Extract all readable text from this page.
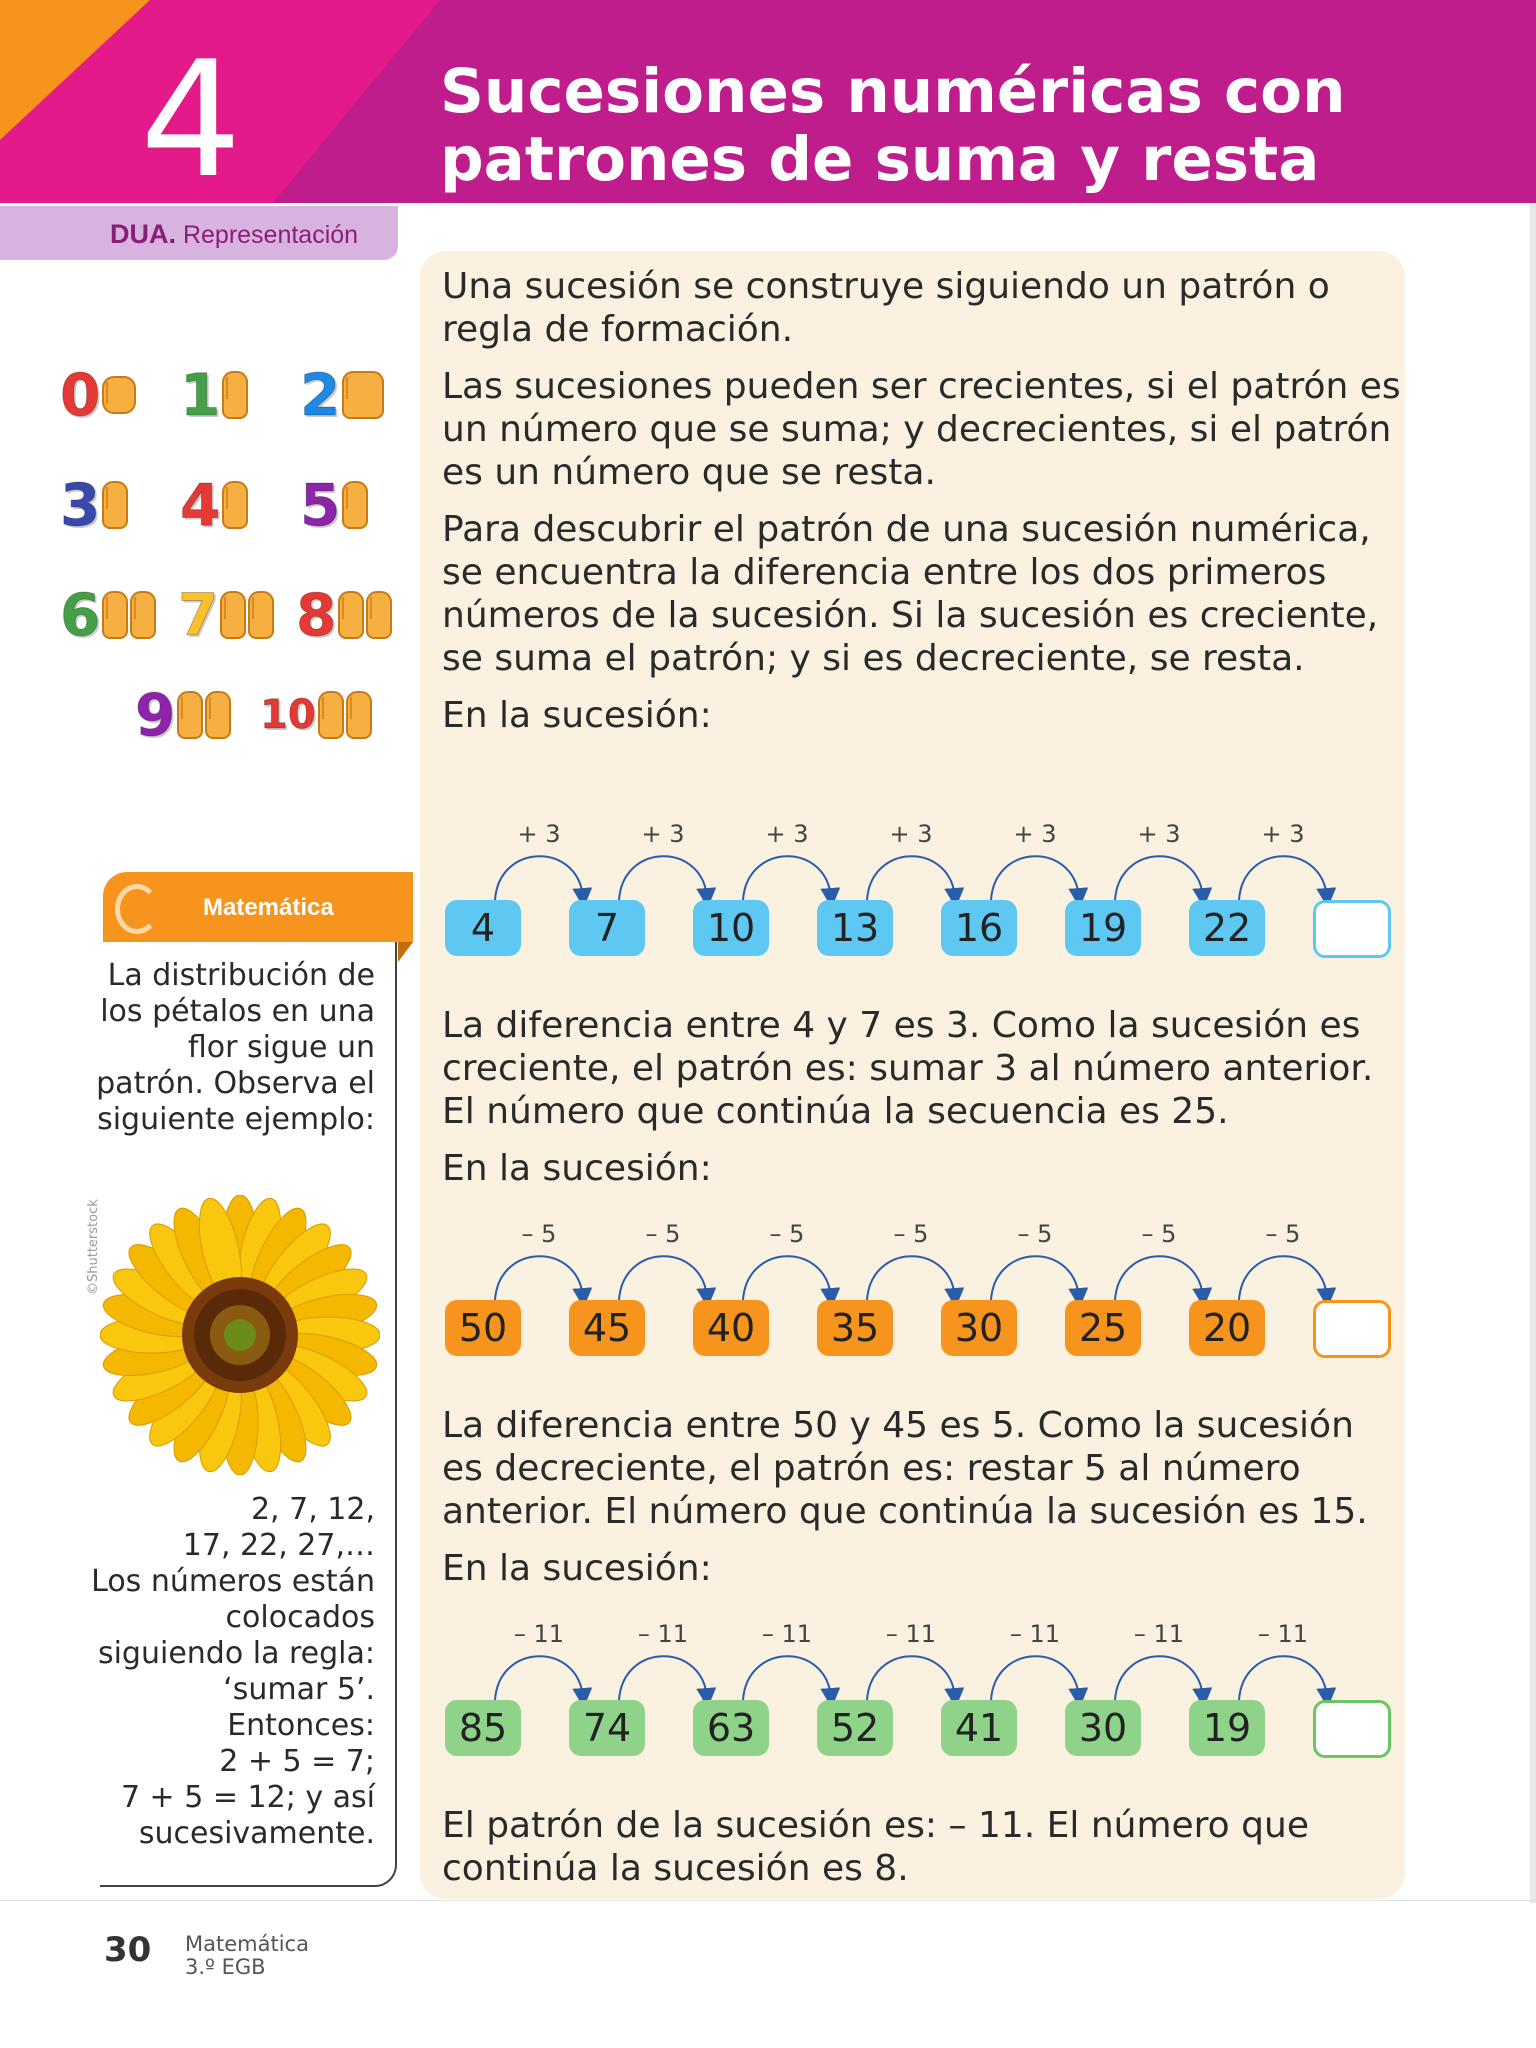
4	Sucesiones numéricas con
patrones de suma y resta
DUA. Representación
0 1 2
3 4 5
6 7 8
9 10
Matemática
La distribución de los pétalos en una flor sigue un patrón. Observa el siguiente ejemplo:
©Shutterstock
2, 7, 12,
17, 22, 27,…
Los números están colocados siguiendo la regla: ‘sumar 5’.
Entonces:
2 + 5 = 7;
7 + 5 = 12; y así sucesivamente.

Una sucesión se construye siguiendo un patrón o regla de formación.

Las sucesiones pueden ser crecientes, si el patrón es un número que se suma; y decrecientes, si el patrón es un número que se resta.

Para descubrir el patrón de una sucesión numérica, se encuentra la diferencia entre los dos primeros números de la sucesión. Si la sucesión es creciente, se suma el patrón; y si es decreciente, se resta.

En la sucesión:

4
+ 3
7
+ 3
10
+ 3
13
+ 3
16
+ 3
19
+ 3
22
+ 3

La diferencia entre 4 y 7 es 3. Como la sucesión es creciente, el patrón es: sumar 3 al número anterior. El número que continúa la secuencia es 25.

En la sucesión:

50
– 5
45
– 5
40
– 5
35
– 5
30
– 5
25
– 5
20
– 5

La diferencia entre 50 y 45 es 5. Como la sucesión es decreciente, el patrón es: restar 5 al número anterior. El número que continúa la sucesión es 15.

En la sucesión:

85
– 11
74
– 11
63
– 11
52
– 11
41
– 11
30
– 11
19
– 11

El patrón de la sucesión es: – 11. El número que continúa la sucesión es 8.

30 Matemática
3.º EGB
